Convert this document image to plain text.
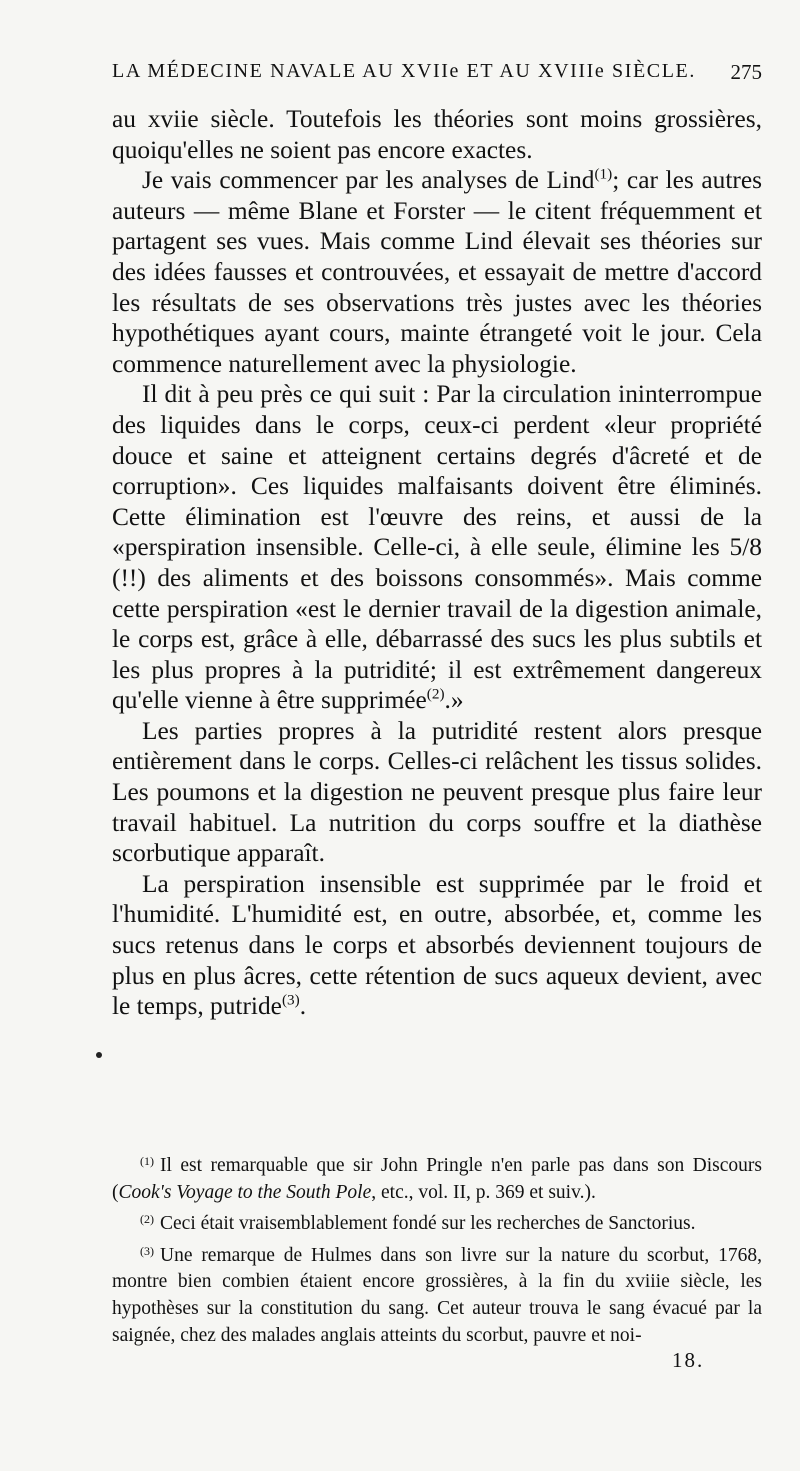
LA MÉDECINE NAVALE AU XVIIe ET AU XVIIIe SIÈCLE. 275

au xviie siècle. Toutefois les théories sont moins grossières, quoiqu'elles ne soient pas encore exactes.

Je vais commencer par les analyses de Lind$^{(1)}$; car les autres auteurs — même Blane et Forster — le citent fréquemment et partagent ses vues. Mais comme Lind élevait ses théories sur des idées fausses et controuvées, et essayait de mettre d'accord les résultats de ses observations très justes avec les théories hypothétiques ayant cours, mainte étrangeté voit le jour. Cela commence naturellement avec la physiologie.

Il dit à peu près ce qui suit : Par la circulation ininterrompue des liquides dans le corps, ceux-ci perdent «leur propriété douce et saine et atteignent certains degrés d'âcreté et de corruption». Ces liquides malfaisants doivent être éliminés. Cette élimination est l'œuvre des reins, et aussi de la «perspiration insensible. Celle-ci, à elle seule, élimine les 5/8 (!!) des aliments et des boissons consommés». Mais comme cette perspiration «est le dernier travail de la digestion animale, le corps est, grâce à elle, débarrassé des sucs les plus subtils et les plus propres à la putridité; il est extrêmement dangereux qu'elle vienne à être supprimée$^{(2)}$.»

Les parties propres à la putridité restent alors presque entièrement dans le corps. Celles-ci relâchent les tissus solides. Les poumons et la digestion ne peuvent presque plus faire leur travail habituel. La nutrition du corps souffre et la diathèse scorbutique apparaît.

La perspiration insensible est supprimée par le froid et l'humidité. L'humidité est, en outre, absorbée, et, comme les sucs retenus dans le corps et absorbés deviennent toujours de plus en plus âcres, cette rétention de sucs aqueux devient, avec le temps, putride$^{(3)}$.

$^{(1)}$ Il est remarquable que sir John Pringle n'en parle pas dans son Discours (Cook's Voyage to the South Pole, etc., vol. II, p. 369 et suiv.).

$^{(2)}$ Ceci était vraisemblablement fondé sur les recherches de Sanctorius.

$^{(3)}$ Une remarque de Hulmes dans son livre sur la nature du scorbut, 1768, montre bien combien étaient encore grossières, à la fin du xviiie siècle, les hypothèses sur la constitution du sang. Cet auteur trouva le sang évacué par la saignée, chez des malades anglais atteints du scorbut, pauvre et noi-

18.
